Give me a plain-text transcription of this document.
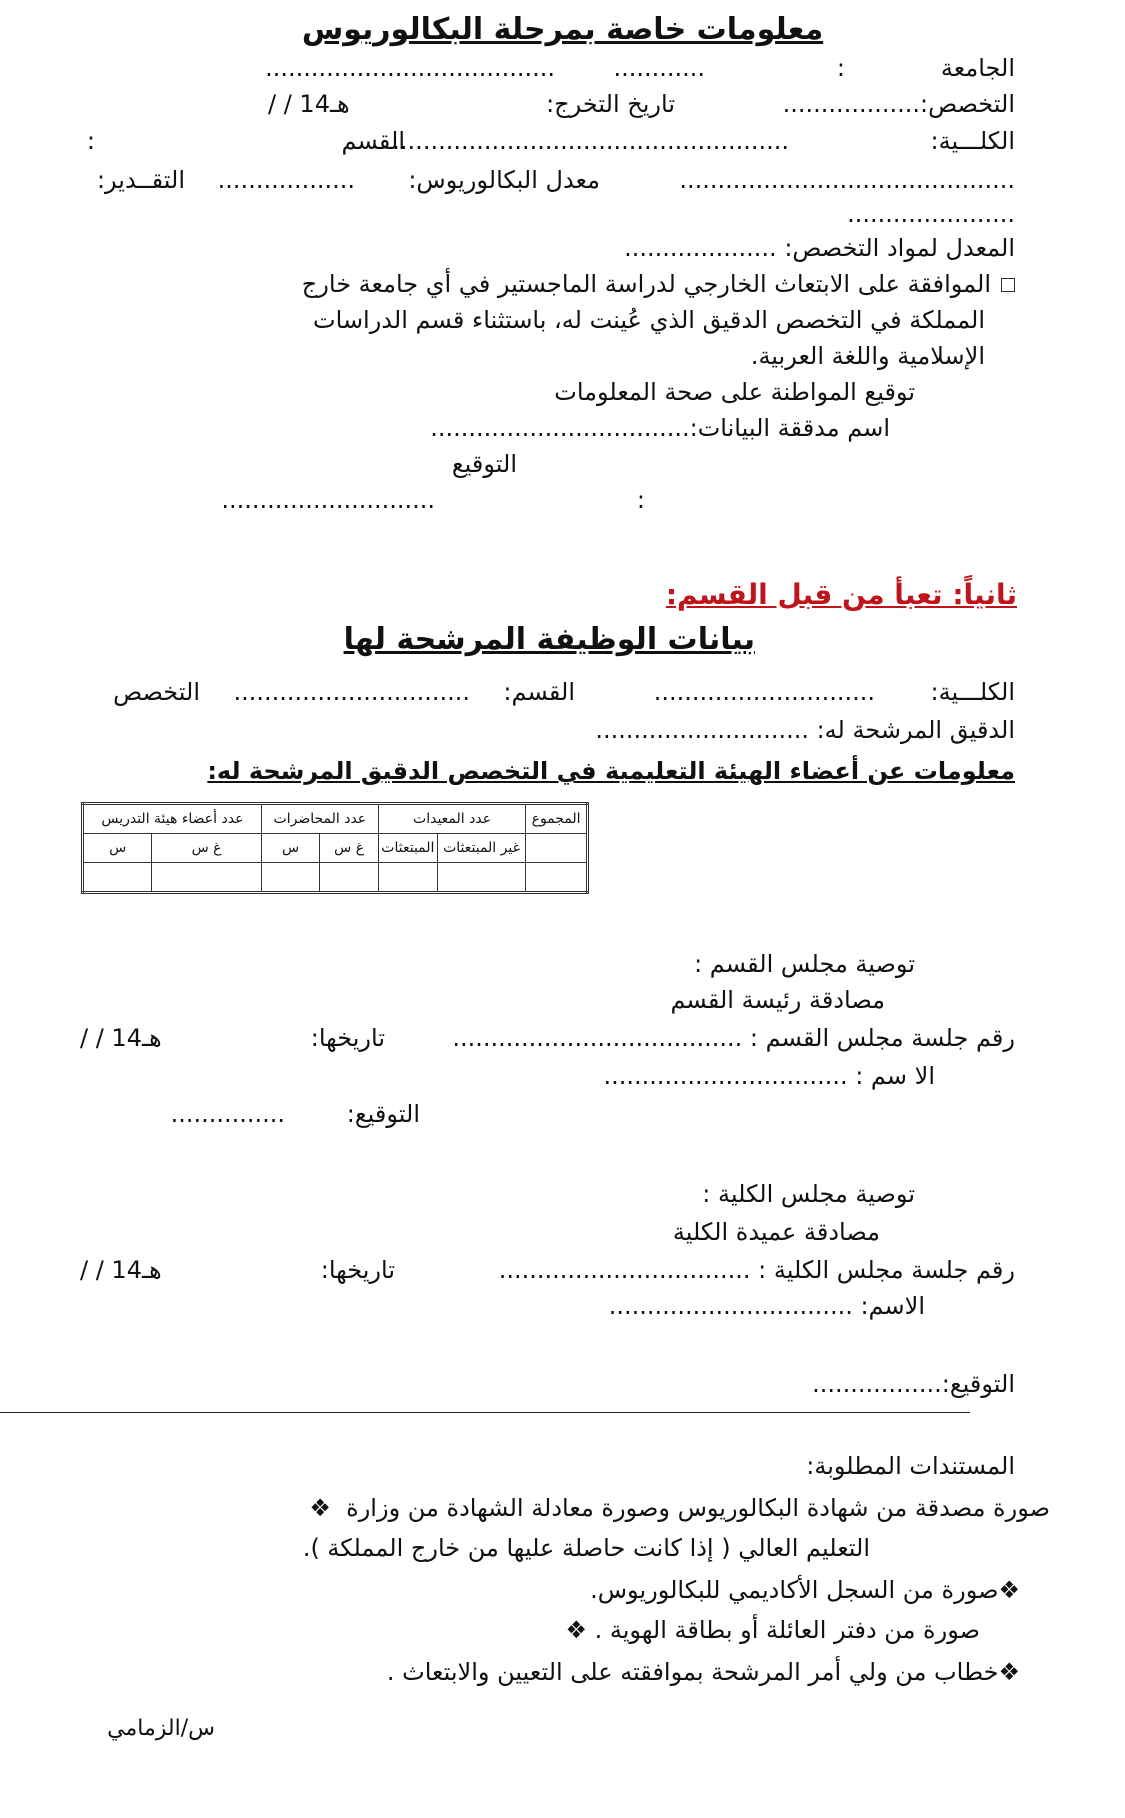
معلومات خاصة بمرحلة البكالوريوس
الجامعة
:
............
......................................
التخصص:..................
تاريخ التخرج:
/ / 14هـ
الكلـــية:
....................................................
القسم
:
............................................
معدل البكالوريوس:
..................
التقــدير:
......................
المعدل لمواد التخصص: ....................
الموافقة على الابتعاث الخارجي لدراسة الماجستير في أي جامعة خارج
المملكة في التخصص الدقيق الذي عُينت له، باستثناء قسم الدراسات
الإسلامية واللغة العربية.
توقيع المواطنة على صحة المعلومات
اسم مدققة البيانات:..................................
التوقيع
:
............................
ثانياً: تعبأ من قبل القسم:
بيانات الوظيفة المرشحة لها
الكلـــية:
.............................
القسم:
...............................
التخصص
الدقيق المرشحة له: ............................
معلومات عن أعضاء الهيئة التعليمية في التخصص الدقيق المرشحة له:
المجموع	عدد المعيدات		عدد المحاضرات		عدد أعضاء هيئة التدريس	
	غير المبتعثات	المبتعثات	غ س	س	غ س	س

توصية مجلس القسم :
مصادقة رئيسة القسم
رقم جلسة مجلس القسم : ......................................
تاريخها:
/ / 14هـ
الا سم : ................................
التوقيع:
...............
توصية مجلس الكلية :
مصادقة عميدة الكلية
رقم جلسة مجلس الكلية : .................................
تاريخها:
/ / 14هـ
الاسم: ................................
التوقيع:.................
المستندات المطلوبة:
صورة مصدقة من شهادة البكالوريوس وصورة معادلة الشهادة من وزارة  ❖
التعليم العالي ( إذا كانت حاصلة عليها من خارج المملكة ).
❖صورة من السجل الأكاديمي للبكالوريوس.
صورة من دفتر العائلة أو بطاقة الهوية . ❖
❖خطاب من ولي أمر المرشحة بموافقته على التعيين والابتعاث .
س/الزمامي
